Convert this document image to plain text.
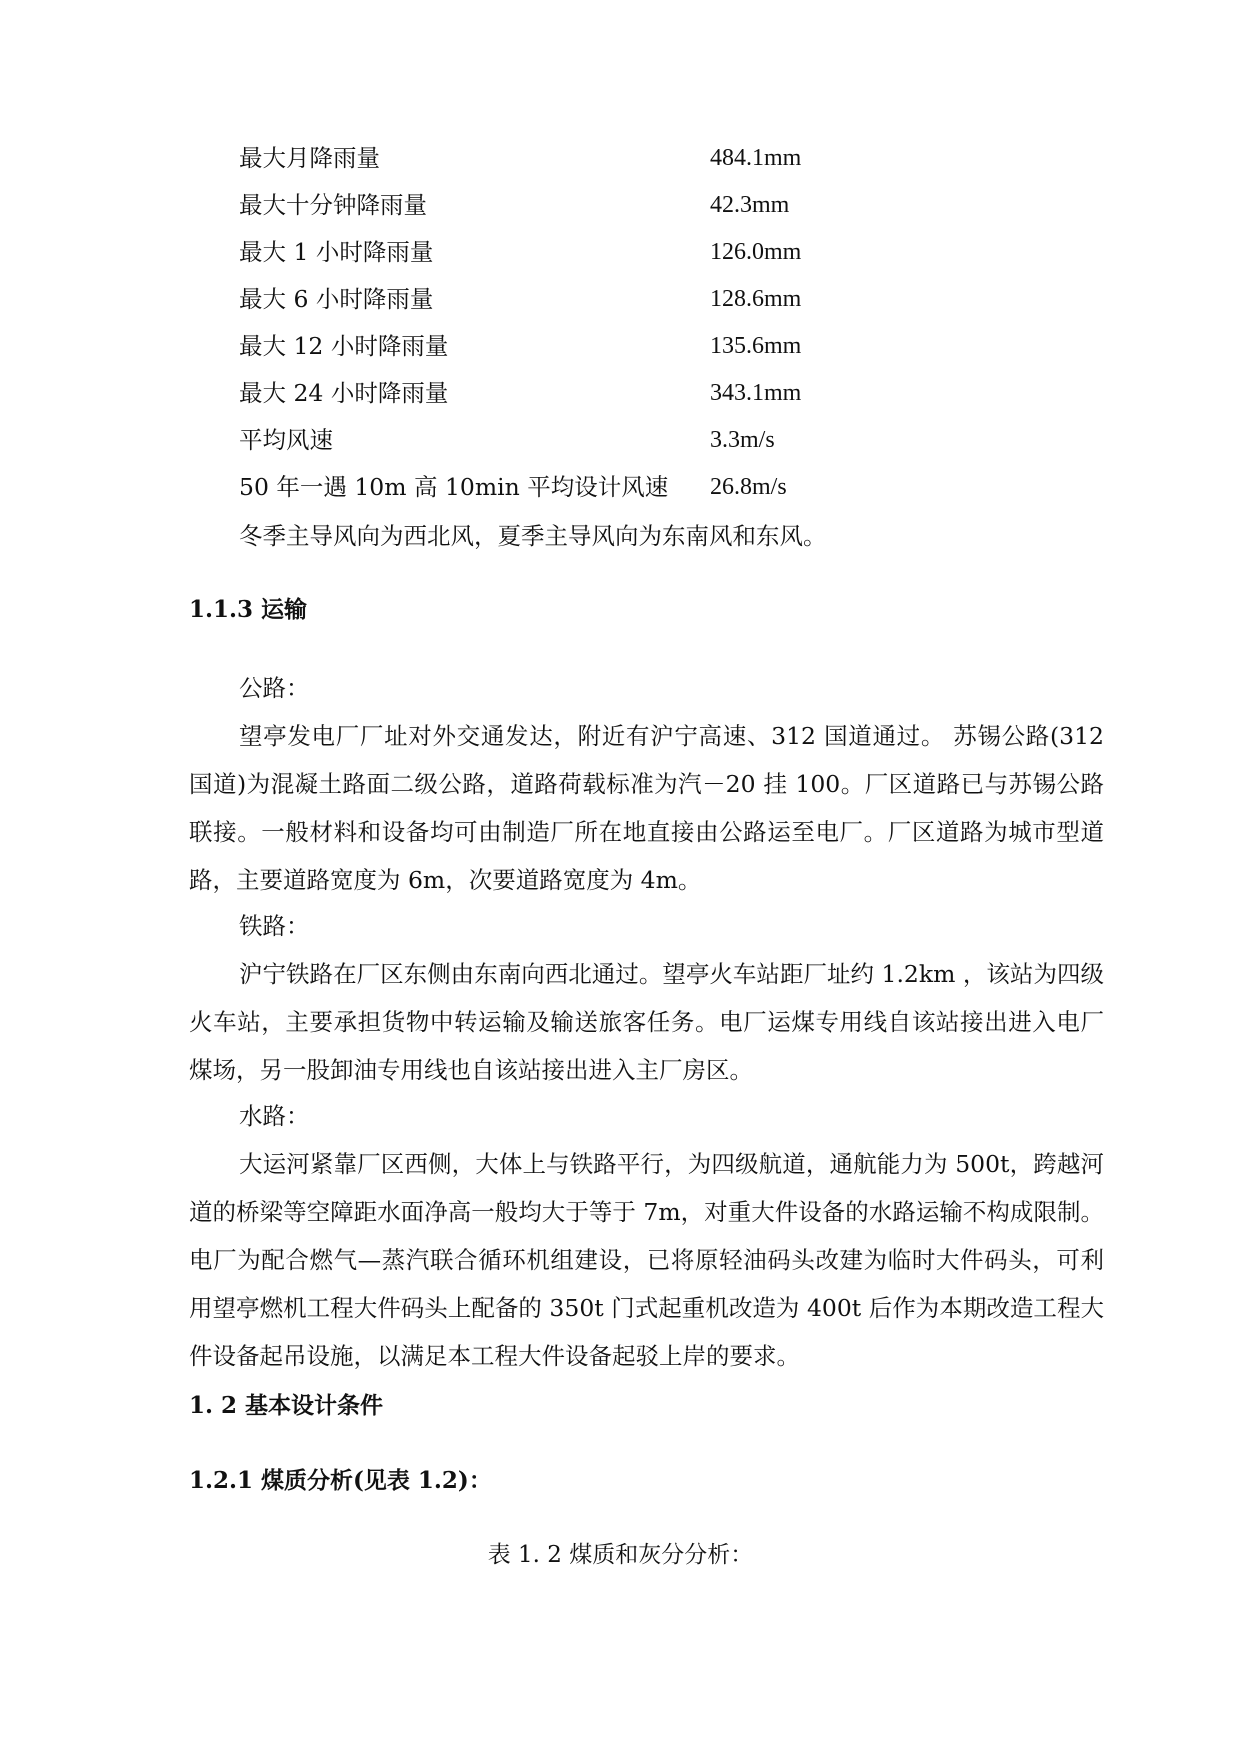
最大月降雨量	484.1mm
最大十分钟降雨量	42.3mm
最大 1 小时降雨量	126.0mm
最大 6 小时降雨量	128.6mm
最大 12 小时降雨量	135.6mm
最大 24 小时降雨量	343.1mm
平均风速	3.3m/s
50 年一遇 10m 高 10min 平均设计风速 26.8m/s

冬季主导风向为西北风，夏季主导风向为东南风和东风。

1.1.3 运输

公路：

望亭发电厂厂址对外交通发达，附近有沪宁高速、312 国道通过。 苏锡公路(312国道)为混凝土路面二级公路，道路荷载标准为汽－20 挂 100。厂区道路已与苏锡公路联接。一般材料和设备均可由制造厂所在地直接由公路运至电厂。厂区道路为城市型道路，主要道路宽度为 6m，次要道路宽度为 4m。

铁路：

沪宁铁路在厂区东侧由东南向西北通过。望亭火车站距厂址约 1.2km ，该站为四级火车站，主要承担货物中转运输及输送旅客任务。电厂运煤专用线自该站接出进入电厂煤场，另一股卸油专用线也自该站接出进入主厂房区。

水路：

大运河紧靠厂区西侧，大体上与铁路平行，为四级航道，通航能力为 500t，跨越河道的桥梁等空障距水面净高一般均大于等于 7m，对重大件设备的水路运输不构成限制。电厂为配合燃气—蒸汽联合循环机组建设，已将原轻油码头改建为临时大件码头，可利用望亭燃机工程大件码头上配备的 350t 门式起重机改造为 400t 后作为本期改造工程大件设备起吊设施，以满足本工程大件设备起驳上岸的要求。

1. 2 基本设计条件
1.2.1 煤质分析(见表 1.2)：
表 1. 2 煤质和灰分分析：
